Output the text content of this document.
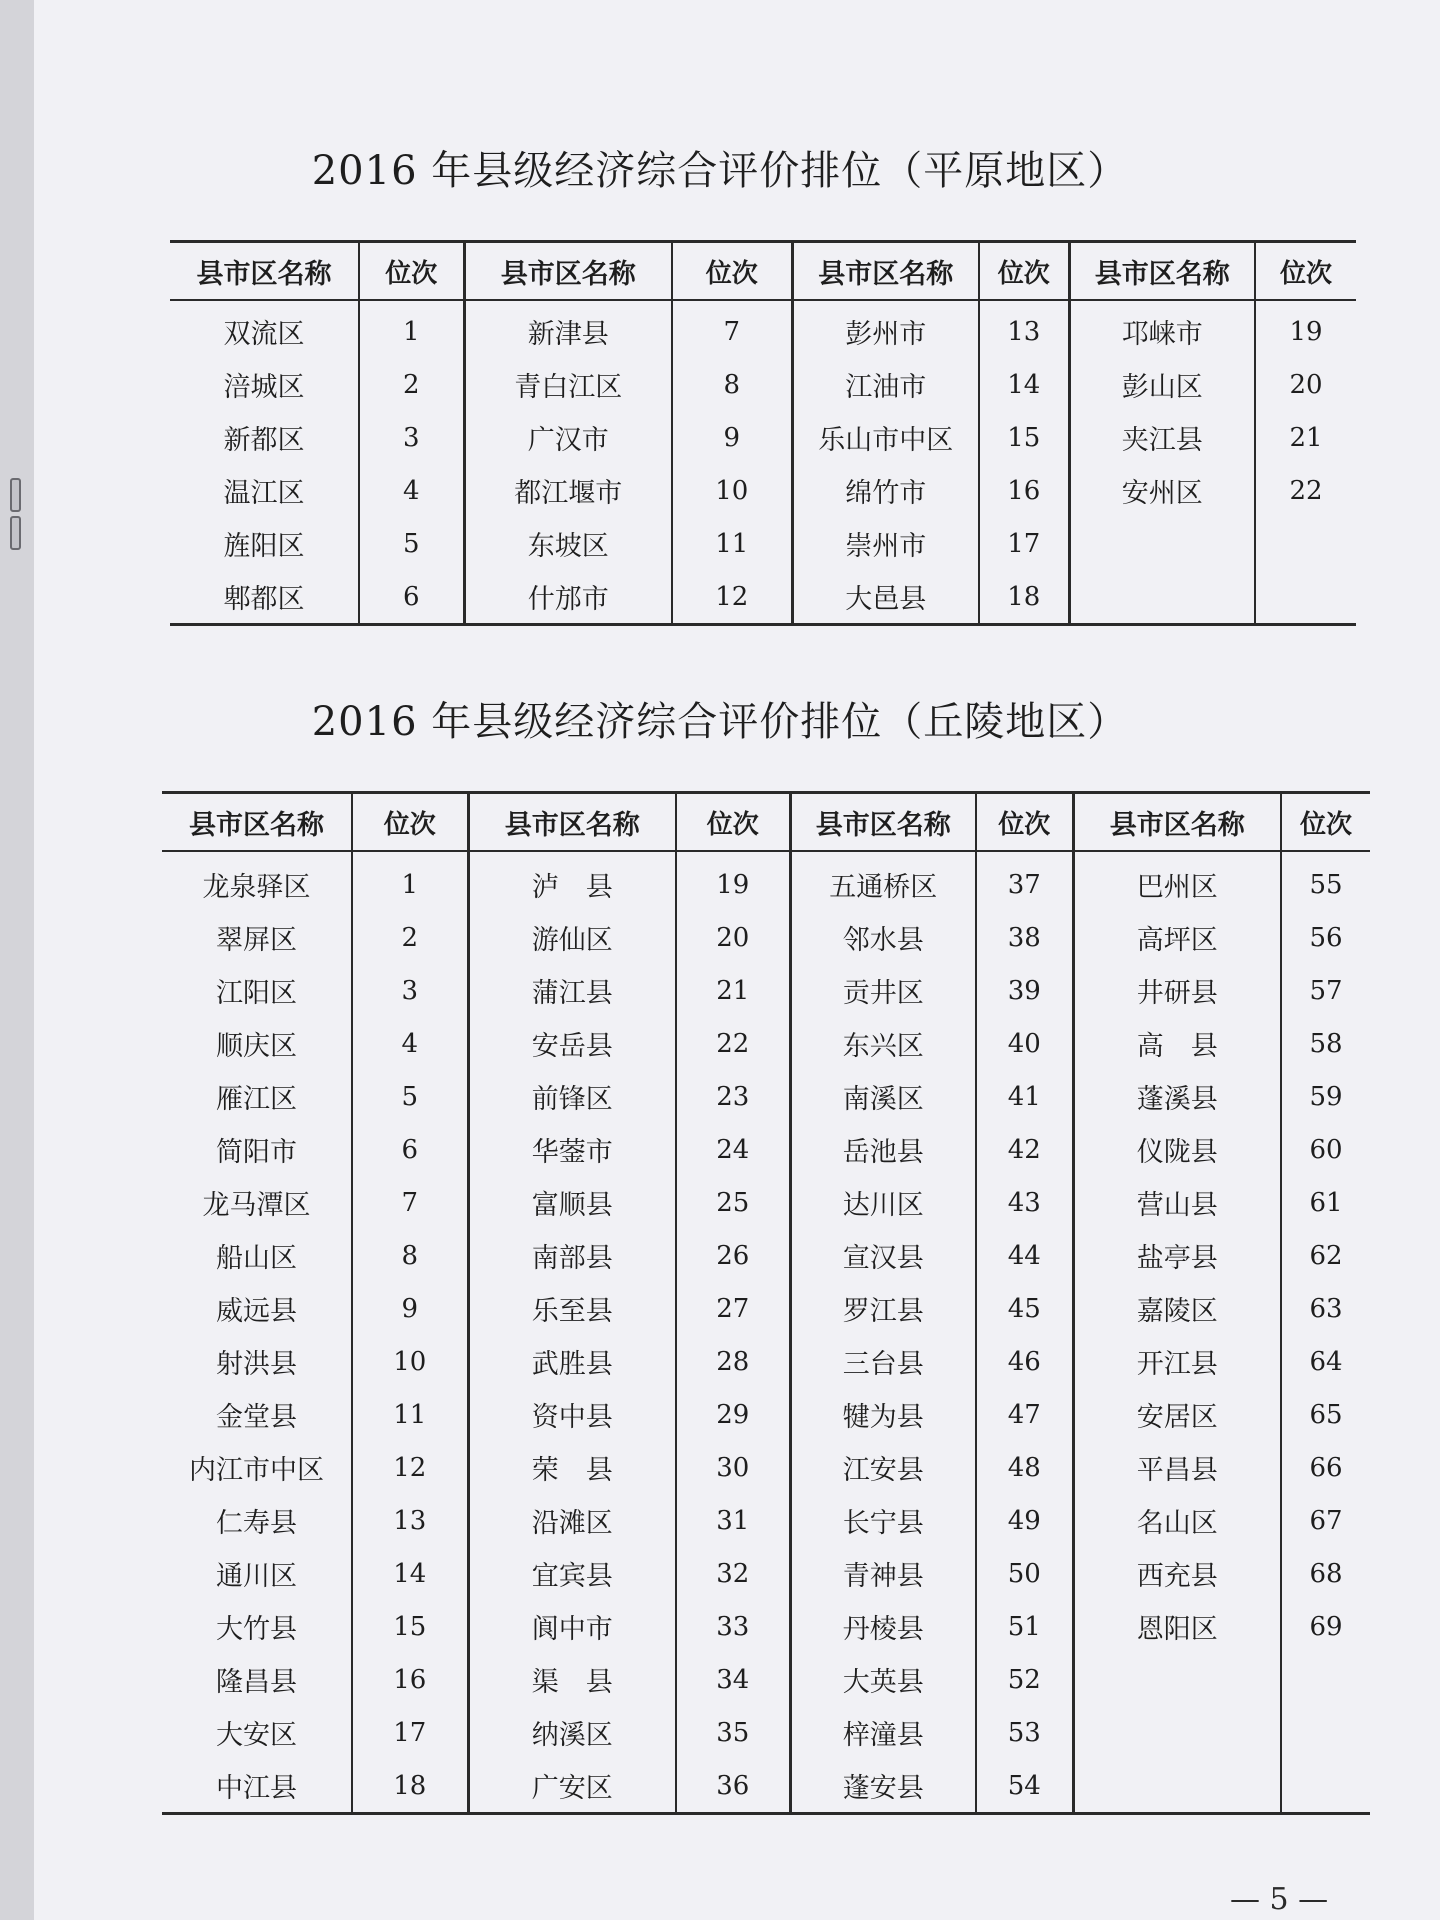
2016 年县级经济综合评价排位（平原地区）
县市区名称	位次	县市区名称	位次	县市区名称	位次	县市区名称	位次
双流区	1	新津县	7	彭州市	13	邛崃市	19
涪城区	2	青白江区	8	江油市	14	彭山区	20
新都区	3	广汉市	9	乐山市中区	15	夹江县	21
温江区	4	都江堰市	10	绵竹市	16	安州区	22
旌阳区	5	东坡区	11	崇州市	17		
郫都区	6	什邡市	12	大邑县	18		
2016 年县级经济综合评价排位（丘陵地区）
县市区名称	位次	县市区名称	位次	县市区名称	位次	县市区名称	位次
龙泉驿区	1	泸　县	19	五通桥区	37	巴州区	55
翠屏区	2	游仙区	20	邻水县	38	高坪区	56
江阳区	3	蒲江县	21	贡井区	39	井研县	57
顺庆区	4	安岳县	22	东兴区	40	高　县	58
雁江区	5	前锋区	23	南溪区	41	蓬溪县	59
简阳市	6	华蓥市	24	岳池县	42	仪陇县	60
龙马潭区	7	富顺县	25	达川区	43	营山县	61
船山区	8	南部县	26	宣汉县	44	盐亭县	62
威远县	9	乐至县	27	罗江县	45	嘉陵区	63
射洪县	10	武胜县	28	三台县	46	开江县	64
金堂县	11	资中县	29	犍为县	47	安居区	65
内江市中区	12	荣　县	30	江安县	48	平昌县	66
仁寿县	13	沿滩区	31	长宁县	49	名山区	67
通川区	14	宜宾县	32	青神县	50	西充县	68
大竹县	15	阆中市	33	丹棱县	51	恩阳区	69
隆昌县	16	渠　县	34	大英县	52		
大安区	17	纳溪区	35	梓潼县	53		
中江县	18	广安区	36	蓬安县	54		
— 5 —
